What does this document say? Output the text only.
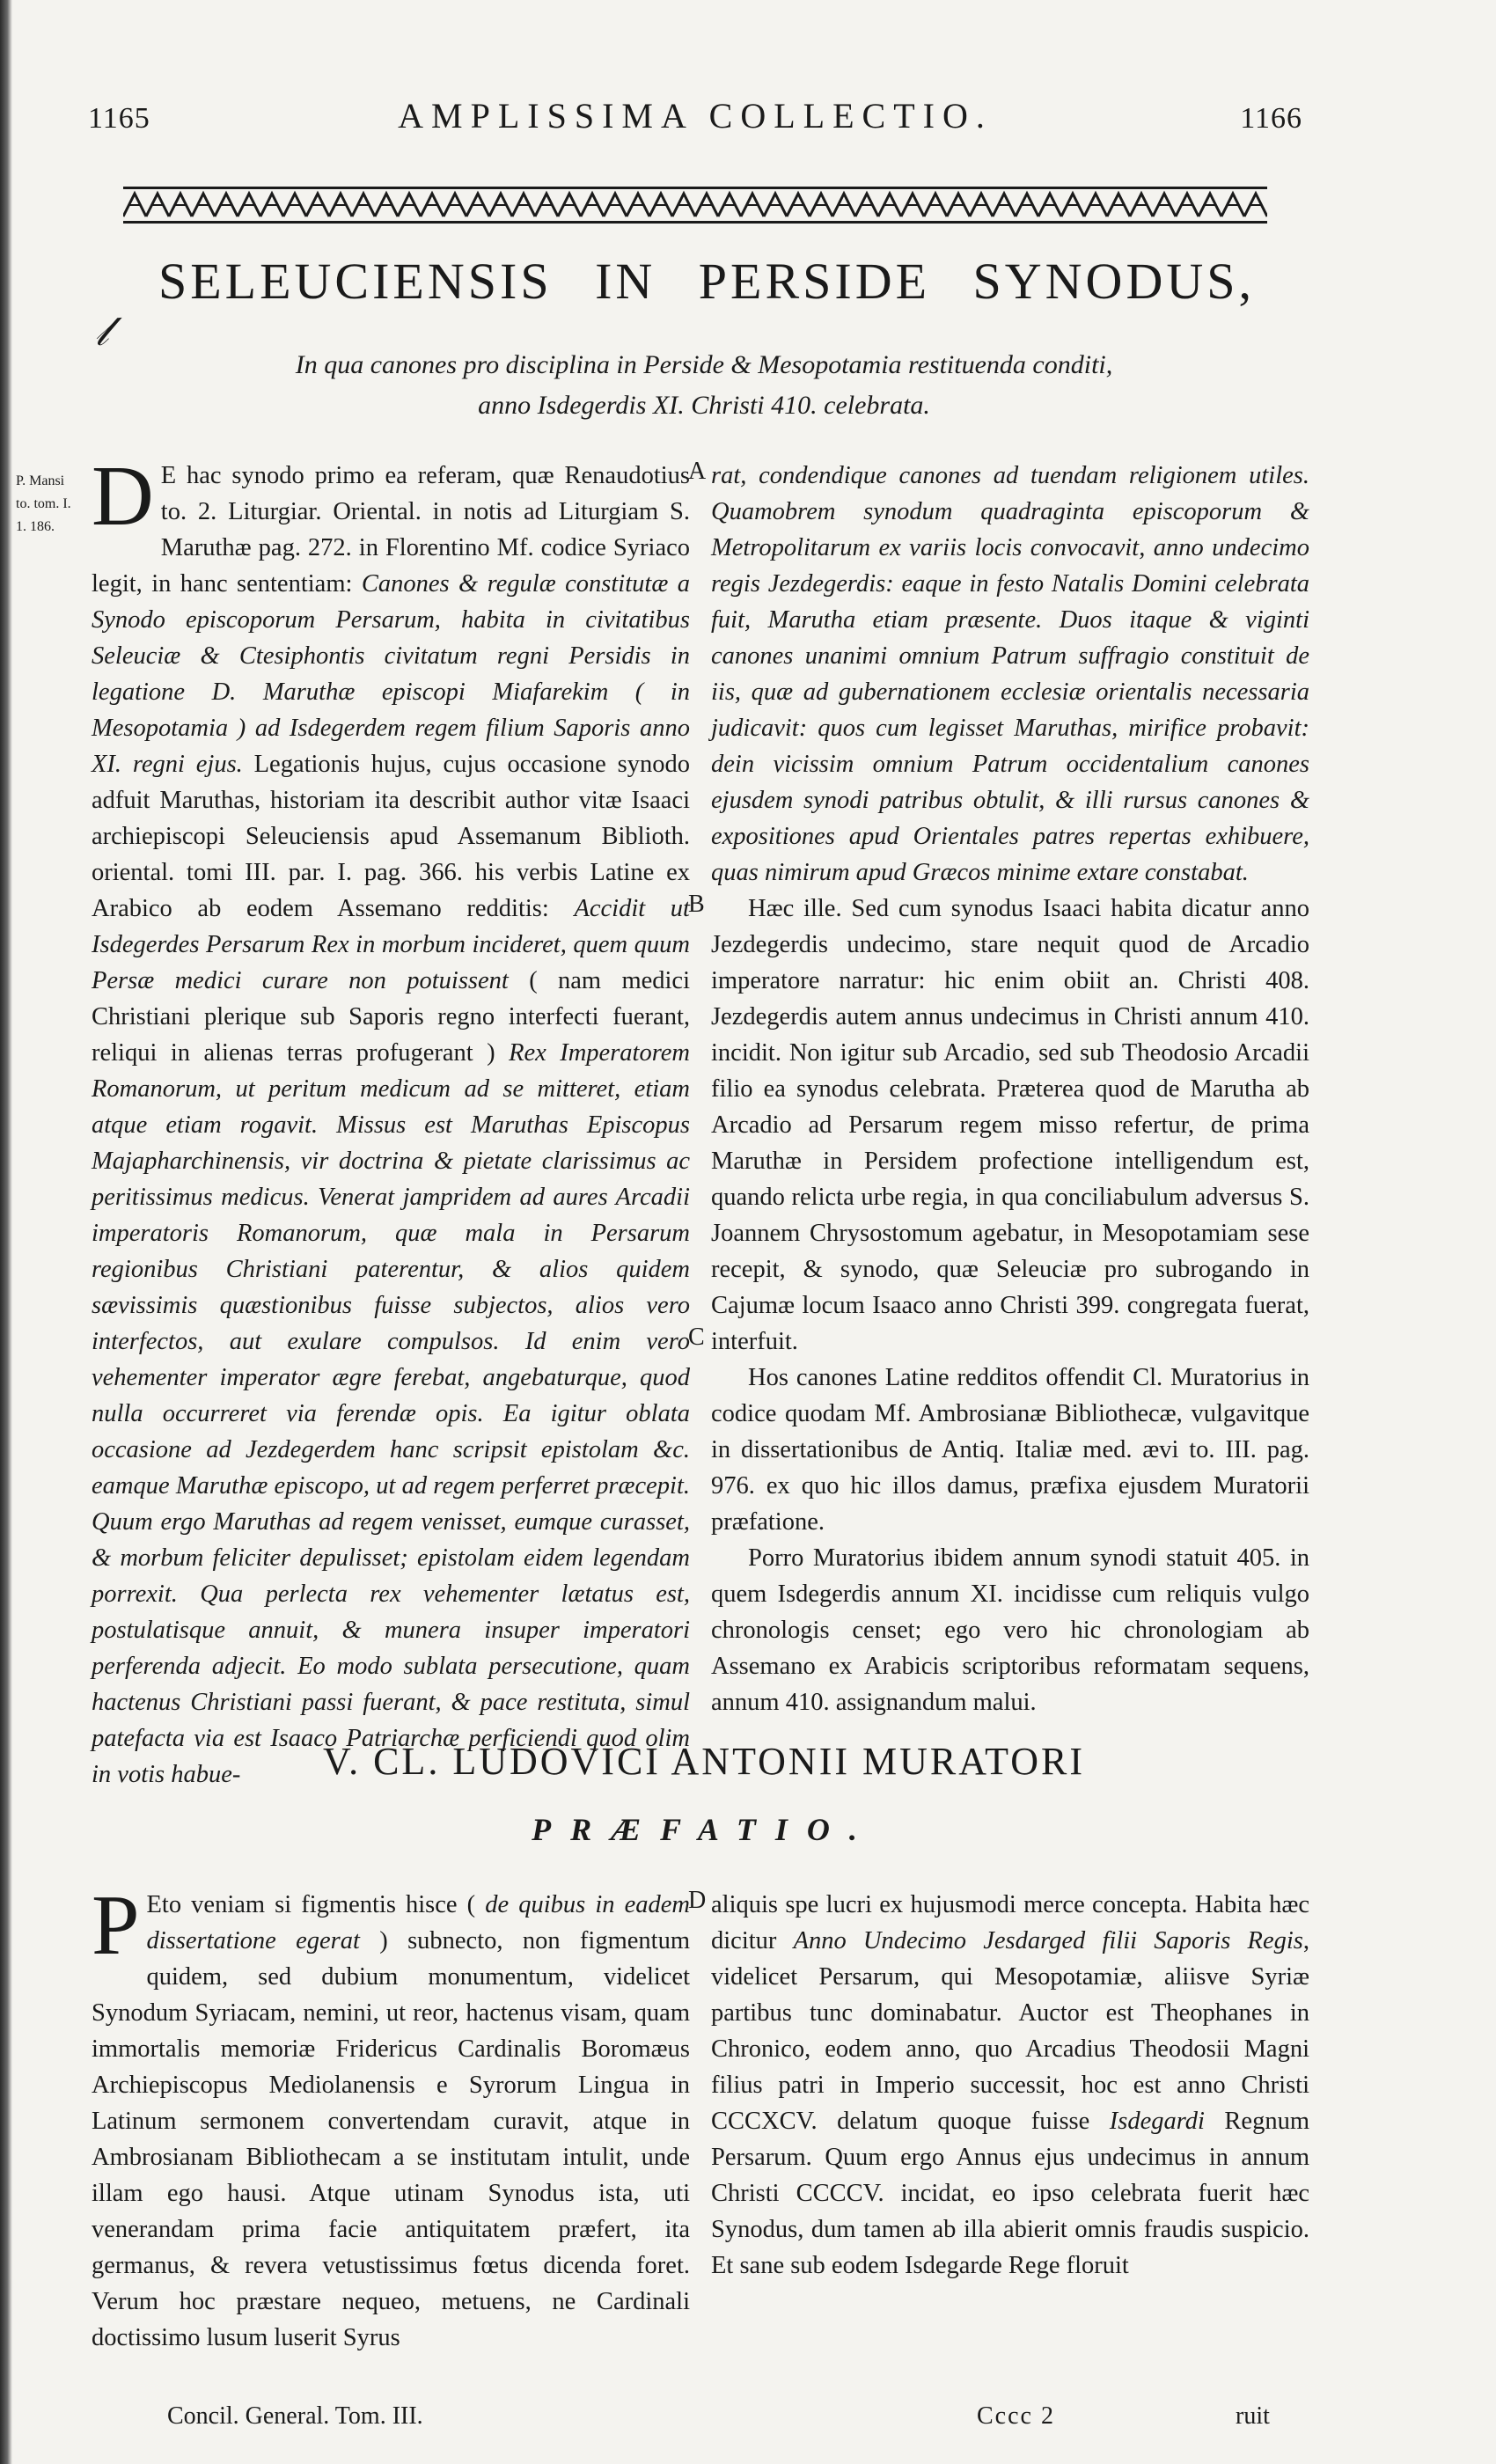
1165	AMPLISSIMA COLLECTIO.	1166
SELEUCIENSIS IN PERSIDE SYNODUS,
𝓁
In qua canones pro disciplina in Perside & Mesopotamia restituenda conditi,
anno Isdegerdis XI. Christi 410. celebrata.
P. Mansi
to. tom. I.
1. 186. D E hac synodo primo ea referam, quæ Renaudotius to. 2. Liturgiar. Oriental. in notis ad Liturgiam S. Maruthæ pag. 272. in Florentino Mf. codice Syriaco legit, in hanc sententiam: Canones & regulæ constitutæ a Synodo episcoporum Persarum, habita in civitatibus Seleuciæ & Ctesiphontis civitatum regni Persidis in legatione D. Maruthæ episcopi Miafarekim ( in Mesopotamia ) ad Isdegerdem regem filium Saporis anno XI. regni ejus. Legationis hujus, cujus occasione synodo adfuit Maruthas, historiam ita describit author vitæ Isaaci archiepiscopi Seleuciensis apud Assemanum Biblioth. oriental. tomi III. par. I. pag. 366. his verbis Latine ex Arabico ab eodem Assemano redditis: Accidit ut Isdegerdes Persarum Rex in morbum incideret, quem quum Persæ medici curare non potuissent ( nam medici Christiani plerique sub Saporis regno interfecti fuerant, reliqui in alienas terras profugerant ) Rex Imperatorem Romanorum, ut peritum medicum ad se mitteret, etiam atque etiam rogavit. Missus est Maruthas Episcopus Majapharchinensis, vir doctrina & pietate clarissimus ac peritissimus medicus. Venerat jampridem ad aures Arcadii imperatoris Romanorum, quæ mala in Persarum regionibus Christiani paterentur, & alios quidem sævissimis quæstionibus fuisse subjectos, alios vero interfectos, aut exulare compulsos. Id enim vero vehementer imperator ægre ferebat, angebaturque, quod nulla occurreret via ferendæ opis. Ea igitur oblata occasione ad Jezdegerdem hanc scripsit epistolam &c. eamque Maruthæ episcopo, ut ad regem perferret præcepit. Quum ergo Maruthas ad regem venisset, eumque curasset, & morbum feliciter depulisset; epistolam eidem legendam porrexit. Qua perlecta rex vehementer lætatus est, postulatisque annuit, & munera insuper imperatori perferenda adjecit. Eo modo sublata persecutione, quam hactenus Christiani passi fuerant, & pace restituta, simul patefacta via est Isaaco Patriarchæ perficiendi quod olim in votis habue-

rat, condendique canones ad tuendam religionem utiles. Quamobrem synodum quadraginta episcoporum & Metropolitarum ex variis locis convocavit, anno undecimo regis Jezdegerdis: eaque in festo Natalis Domini celebrata fuit, Marutha etiam præsente. Duos itaque & viginti canones unanimi omnium Patrum suffragio constituit de iis, quæ ad gubernationem ecclesiæ orientalis necessaria judicavit: quos cum legisset Maruthas, mirifice probavit: dein vicissim omnium Patrum occidentalium canones ejusdem synodi patribus obtulit, & illi rursus canones & expositiones apud Orientales patres repertas exhibuere, quas nimirum apud Græcos minime extare constabat.

Hæc ille. Sed cum synodus Isaaci habita dicatur anno Jezdegerdis undecimo, stare nequit quod de Arcadio imperatore narratur: hic enim obiit an. Christi 408. Jezdegerdis autem annus undecimus in Christi annum 410. incidit. Non igitur sub Arcadio, sed sub Theodosio Arcadii filio ea synodus celebrata. Præterea quod de Marutha ab Arcadio ad Persarum regem misso refertur, de prima Maruthæ in Persidem profectione intelligendum est, quando relicta urbe regia, in qua conciliabulum adversus S. Joannem Chrysostomum agebatur, in Mesopotamiam sese recepit, & synodo, quæ Seleuciæ pro subrogando in Cajumæ locum Isaaco anno Christi 399. congregata fuerat, interfuit.

Hos canones Latine redditos offendit Cl. Muratorius in codice quodam Mf. Ambrosianæ Bibliothecæ, vulgavitque in dissertationibus de Antiq. Italiæ med. ævi to. III. pag. 976. ex quo hic illos damus, præfixa ejusdem Muratorii præfatione.

Porro Muratorius ibidem annum synodi statuit 405. in quem Isdegerdis annum XI. incidisse cum reliquis vulgo chronologis censet; ego vero hic chronologiam ab Assemano ex Arabicis scriptoribus reformatam sequens, annum 410. assignandum malui.

A
B
C
D
V. CL. LUDOVICI ANTONII MURATORI
PRÆFATIO.

P Eto veniam si figmentis hisce ( de quibus in eadem dissertatione egerat ) subnecto, non figmentum quidem, sed dubium monumentum, videlicet Synodum Syriacam, nemini, ut reor, hactenus visam, quam immortalis memoriæ Fridericus Cardinalis Boromæus Archiepiscopus Mediolanensis e Syrorum Lingua in Latinum sermonem convertendam curavit, atque in Ambrosianam Bibliothecam a se institutam intulit, unde illam ego hausi. Atque utinam Synodus ista, uti venerandam prima facie antiquitatem præfert, ita germanus, & revera vetustissimus fœtus dicenda foret. Verum hoc præstare nequeo, metuens, ne Cardinali doctissimo lusum luserit Syrus

aliquis spe lucri ex hujusmodi merce concepta. Habita hæc dicitur Anno Undecimo Jesdarged filii Saporis Regis, videlicet Persarum, qui Mesopotamiæ, aliisve Syriæ partibus tunc dominabatur. Auctor est Theophanes in Chronico, eodem anno, quo Arcadius Theodosii Magni filius patri in Imperio successit, hoc est anno Christi CCCXCV. delatum quoque fuisse Isdegardi Regnum Persarum. Quum ergo Annus ejus undecimus in annum Christi CCCCV. incidat, eo ipso celebrata fuerit hæc Synodus, dum tamen ab illa abierit omnis fraudis suspicio. Et sane sub eodem Isdegarde Rege floruit

Concil. General. Tom. III.	Cccc 2	ruit
